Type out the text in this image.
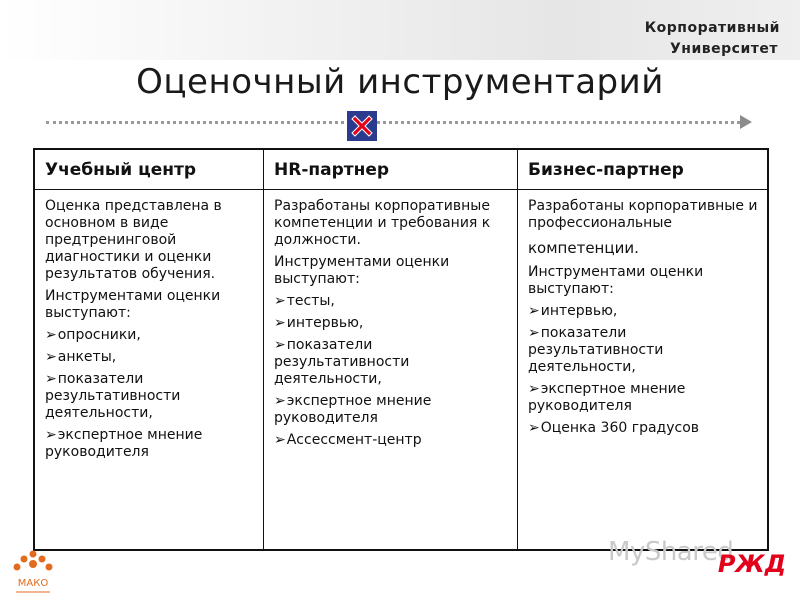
Корпоративный
Университет
Оценочный инструментарий
Учебный центр	HR-партнер	Бизнес-партнер

Оценка представлена в основном в виде предтренинговой диагностики и оценки результатов обучения.

Инструментами оценки выступают:

➢опросники,
➢анкеты,
➢показатели результативности деятельности,
➢экспертное мнение руководителя

Разработаны корпоративные компетенции и требования к должности.

Инструментами оценки выступают:

➢тесты,
➢интервью,
➢показатели результативности деятельности,
➢экспертное мнение руководителя
➢Ассессмент-центр

Разработаны корпоративные и профессиональные

компетенции.

Инструментами оценки выступают:

➢интервью,
➢показатели результативности деятельности,
➢экспертное мнение руководителя
➢Оценка 360 градусов
МАКО
MyShared
РЖД
